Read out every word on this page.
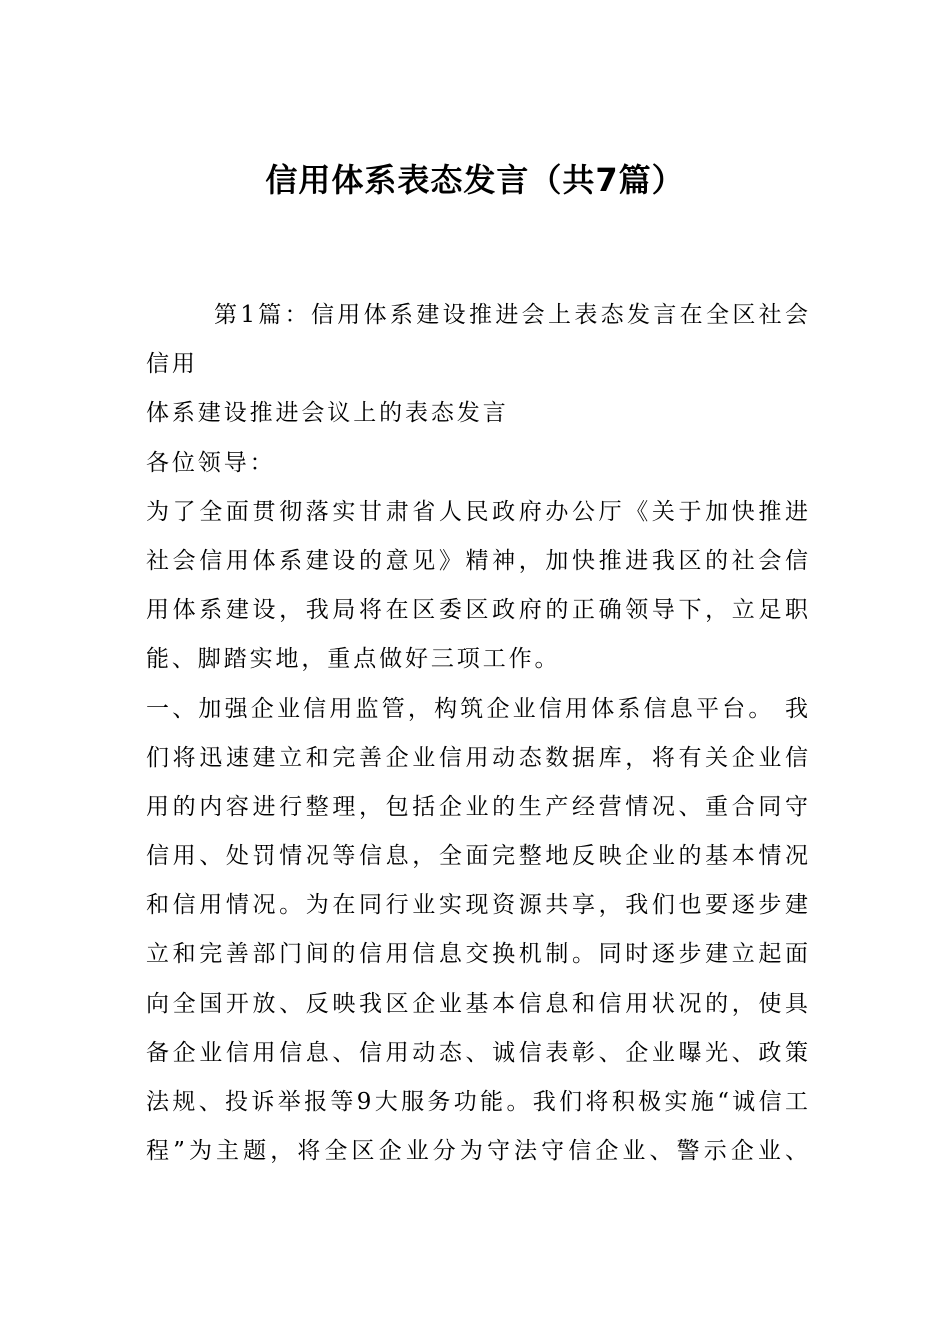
信用体系表态发言（共7篇）
第1篇：信用体系建设推进会上表态发言在全区社会
信用
体系建设推进会议上的表态发言
各位领导：
为了全面贯彻落实甘肃省人民政府办公厅《关于加快推进
社会信用体系建设的意见》精神，加快推进我区的社会信
用体系建设，我局将在区委区政府的正确领导下，立足职
能、脚踏实地，重点做好三项工作。
一、加强企业信用监管，构筑企业信用体系信息平台。 我
们将迅速建立和完善企业信用动态数据库，将有关企业信
用的内容进行整理，包括企业的生产经营情况、重合同守
信用、处罚情况等信息，全面完整地反映企业的基本情况
和信用情况。为在同行业实现资源共享，我们也要逐步建
立和完善部门间的信用信息交换机制。同时逐步建立起面
向全国开放、反映我区企业基本信息和信用状况的，使具
备企业信用信息、信用动态、诚信表彰、企业曝光、政策
法规、投诉举报等9大服务功能。我们将积极实施“诚信工
程”为主题，将全区企业分为守法守信企业、警示企业、
